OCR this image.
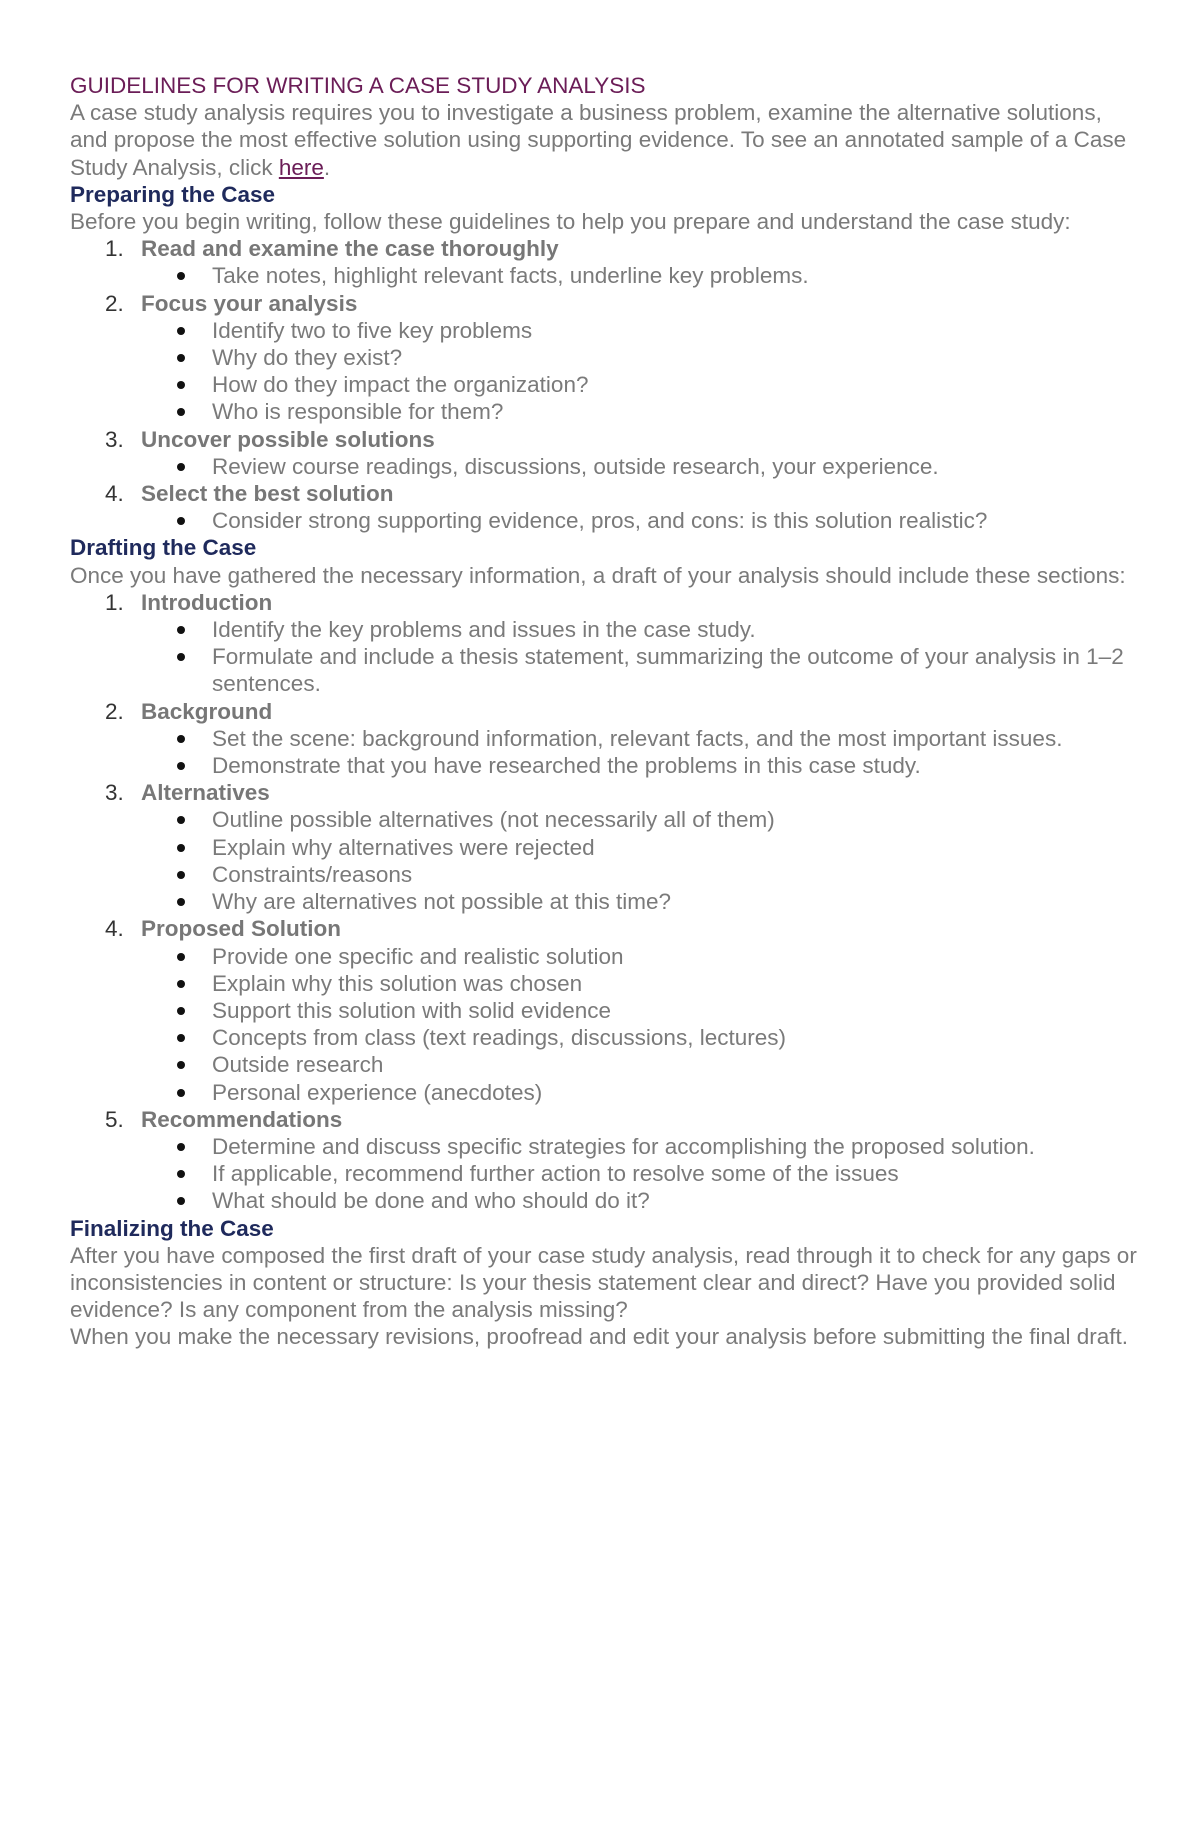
GUIDELINES FOR WRITING A CASE STUDY ANALYSIS

A case study analysis requires you to investigate a business problem, examine the alternative solutions, and propose the most effective solution using supporting evidence. To see an annotated sample of a Case Study Analysis, click here.

Preparing the Case

Before you begin writing, follow these guidelines to help you prepare and understand the case study:

1. Read and examine the case thoroughly
Take notes, highlight relevant facts, underline key problems.
2. Focus your analysis
Identify two to five key problems
Why do they exist?
How do they impact the organization?
Who is responsible for them?
3. Uncover possible solutions
Review course readings, discussions, outside research, your experience.
4. Select the best solution
Consider strong supporting evidence, pros, and cons: is this solution realistic?

Drafting the Case

Once you have gathered the necessary information, a draft of your analysis should include these sections:

1. Introduction
Identify the key problems and issues in the case study.
Formulate and include a thesis statement, summarizing the outcome of your analysis in 1–2 sentences.
2. Background
Set the scene: background information, relevant facts, and the most important issues.
Demonstrate that you have researched the problems in this case study.
3. Alternatives
Outline possible alternatives (not necessarily all of them)
Explain why alternatives were rejected
Constraints/reasons
Why are alternatives not possible at this time?
4. Proposed Solution
Provide one specific and realistic solution
Explain why this solution was chosen
Support this solution with solid evidence
Concepts from class (text readings, discussions, lectures)
Outside research
Personal experience (anecdotes)
5. Recommendations
Determine and discuss specific strategies for accomplishing the proposed solution.
If applicable, recommend further action to resolve some of the issues
What should be done and who should do it?

Finalizing the Case

After you have composed the first draft of your case study analysis, read through it to check for any gaps or inconsistencies in content or structure: Is your thesis statement clear and direct? Have you provided solid evidence? Is any component from the analysis missing?

When you make the necessary revisions, proofread and edit your analysis before submitting the final draft.
